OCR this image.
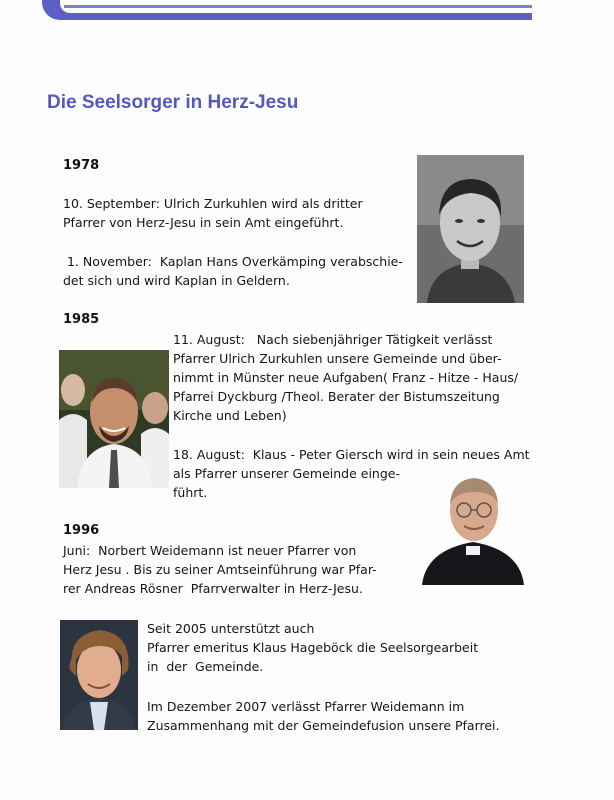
Die Seelsorger in Herz-Jesu

1978

10. September: Ulrich Zurkuhlen wird als dritter
Pfarrer von Herz-Jesu in sein Amt eingeführt.

1. November:  Kaplan Hans Overkämping verabschie-
det sich und wird Kaplan in Geldern.

1985

11. August:   Nach siebenjähriger Tätigkeit verlässt
Pfarrer Ulrich Zurkuhlen unsere Gemeinde und über-
nimmt in Münster neue Aufgaben( Franz - Hitze - Haus/
Pfarrei Dyckburg /Theol. Berater der Bistumszeitung
Kirche und Leben)

18. August:  Klaus - Peter Giersch wird in sein neues Amt
als Pfarrer unserer Gemeinde einge-
führt.

1996

Juni:  Norbert Weidemann ist neuer Pfarrer von
Herz Jesu . Bis zu seiner Amtseinführung war Pfar-
rer Andreas Rösner  Pfarrverwalter in Herz-Jesu.

Seit 2005 unterstützt auch
Pfarrer emeritus Klaus Hageböck die Seelsorgearbeit
in  der  Gemeinde.

Im Dezember 2007 verlässt Pfarrer Weidemann im
Zusammenhang mit der Gemeindefusion unsere Pfarrei.
